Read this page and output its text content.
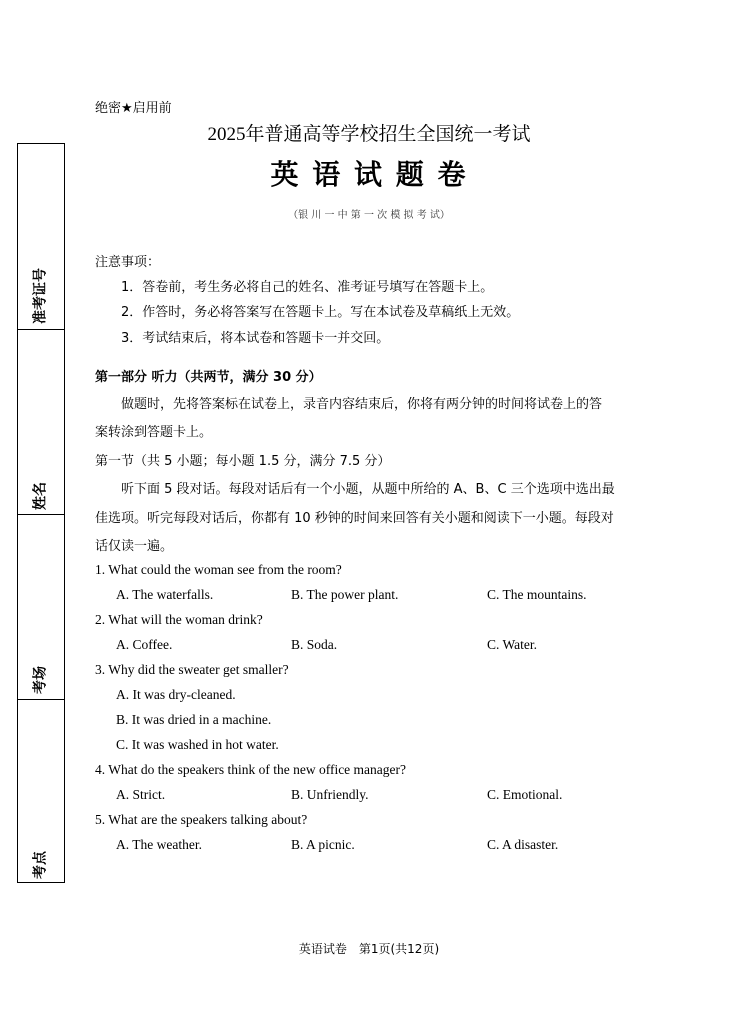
绝密★启用前
2025年普通高等学校招生全国统一考试
英 语 试 题 卷
（银 川 一 中 第 一 次 模 拟 考 试）
准考证号
姓名
考场
考点
注意事项：
1．答卷前，考生务必将自己的姓名、准考证号填写在答题卡上。
2．作答时，务必将答案写在答题卡上。写在本试卷及草稿纸上无效。
3．考试结束后，将本试卷和答题卡一并交回。
第一部分 听力（共两节，满分 30 分）
做题时，先将答案标在试卷上，录音内容结束后，你将有两分钟的时间将试卷上的答
案转涂到答题卡上。
第一节（共 5 小题；每小题 1.5 分，满分 7.5 分）
听下面 5 段对话。每段对话后有一个小题，从题中所给的 A、B、C 三个选项中选出最
佳选项。听完每段对话后，你都有 10 秒钟的时间来回答有关小题和阅读下一小题。每段对
话仅读一遍。
1. What could the woman see from the room?
A. The waterfalls.	B. The power plant.	C. The mountains.
2. What will the woman drink?
A. Coffee.	B. Soda.	C. Water.
3. Why did the sweater get smaller?
A. It was dry-cleaned.
B. It was dried in a machine.
C. It was washed in hot water.
4. What do the speakers think of the new office manager?
A. Strict.	B. Unfriendly.	C. Emotional.
5. What are the speakers talking about?
A. The weather.	B. A picnic.	C. A disaster.
英语试卷　第1页(共12页)
